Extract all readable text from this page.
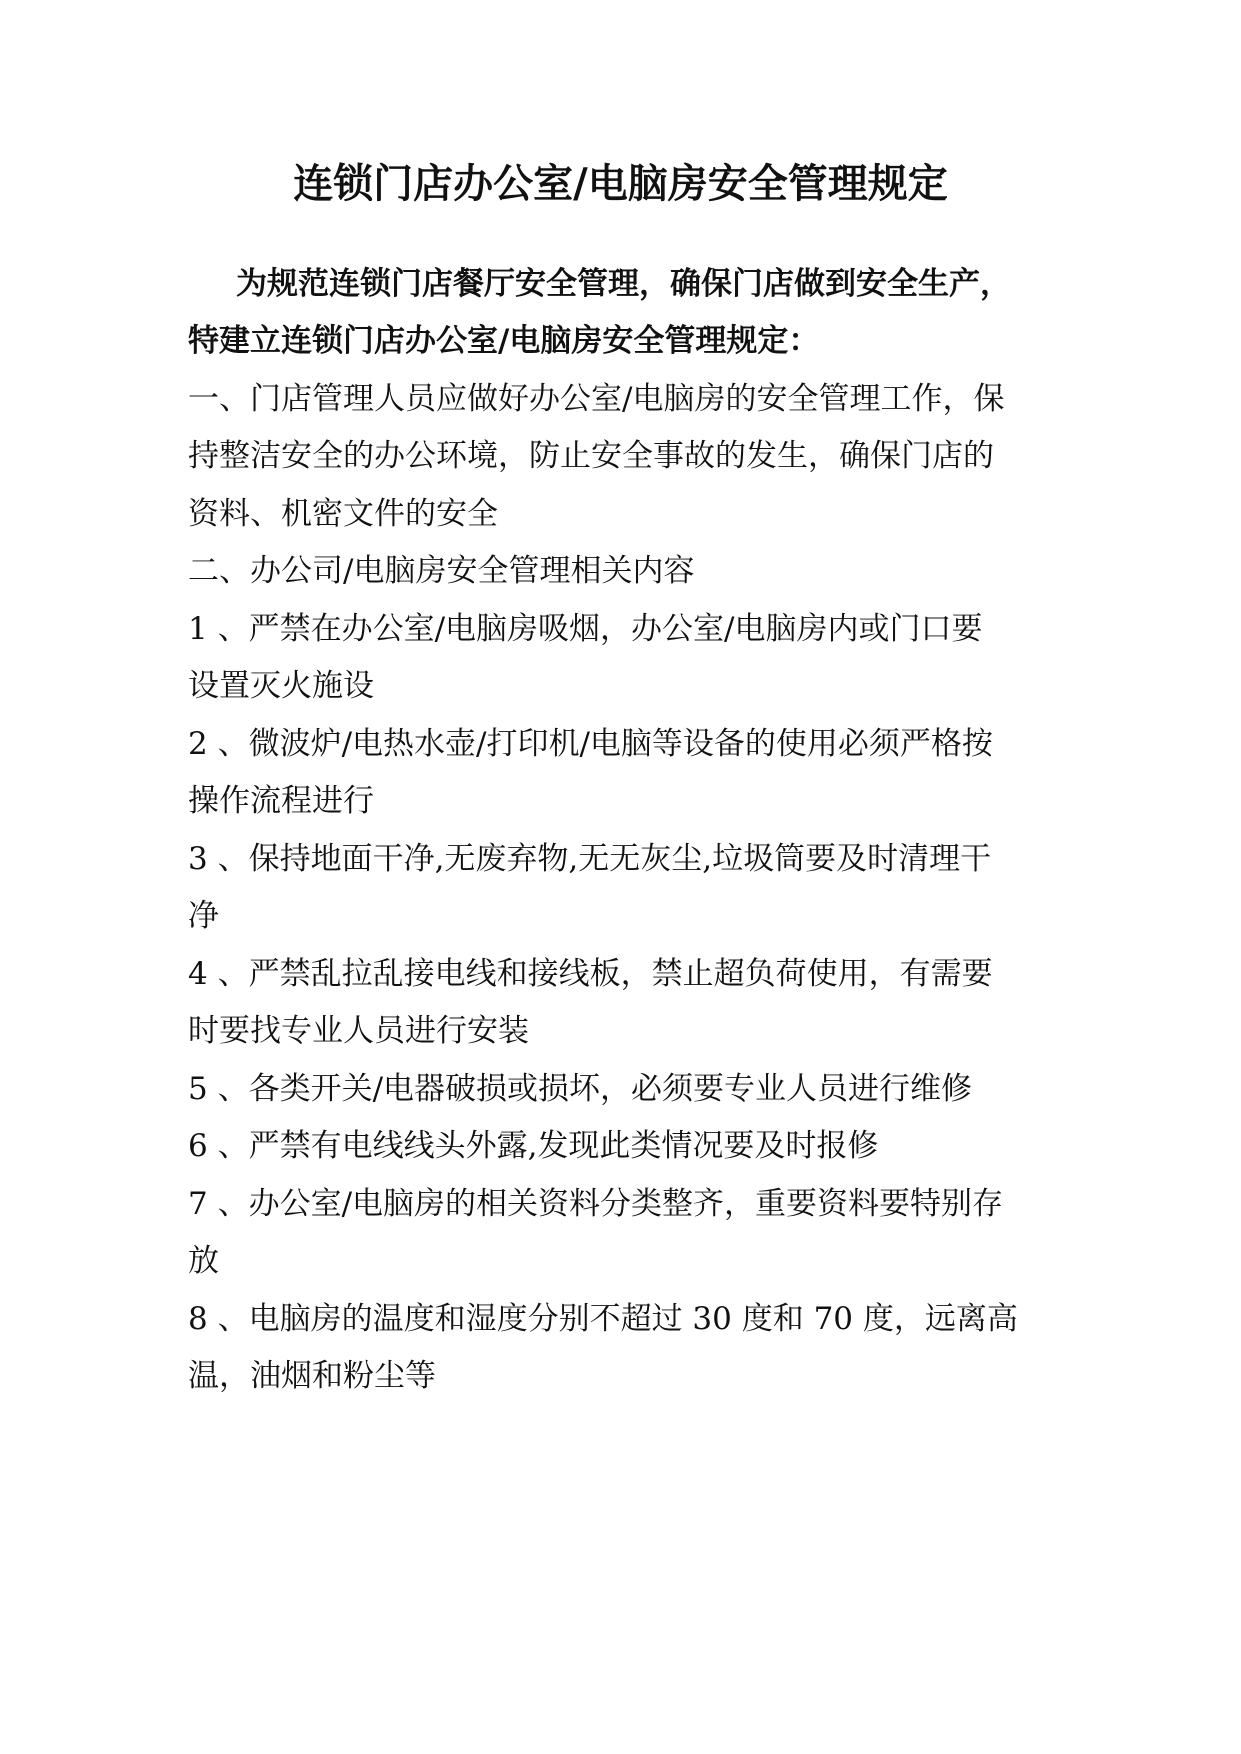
连锁门店办公室/电脑房安全管理规定
为规范连锁门店餐厅安全管理，确保门店做到安全生产，
特建立连锁门店办公室/电脑房安全管理规定：
一、门店管理人员应做好办公室/电脑房的安全管理工作，保
持整洁安全的办公环境，防止安全事故的发生，确保门店的
资料、机密文件的安全
二、办公司/电脑房安全管理相关内容
1 、严禁在办公室/电脑房吸烟，办公室/电脑房内或门口要
设置灭火施设
2 、微波炉/电热水壶/打印机/电脑等设备的使用必须严格按
操作流程进行
3 、保持地面干净,无废弃物,无无灰尘,垃圾筒要及时清理干
净
4 、严禁乱拉乱接电线和接线板，禁止超负荷使用，有需要
时要找专业人员进行安装
5 、各类开关/电器破损或损坏，必须要专业人员进行维修
6 、严禁有电线线头外露,发现此类情况要及时报修
7 、办公室/电脑房的相关资料分类整齐，重要资料要特别存
放
8 、电脑房的温度和湿度分别不超过 30 度和 70 度，远离高
温，油烟和粉尘等
